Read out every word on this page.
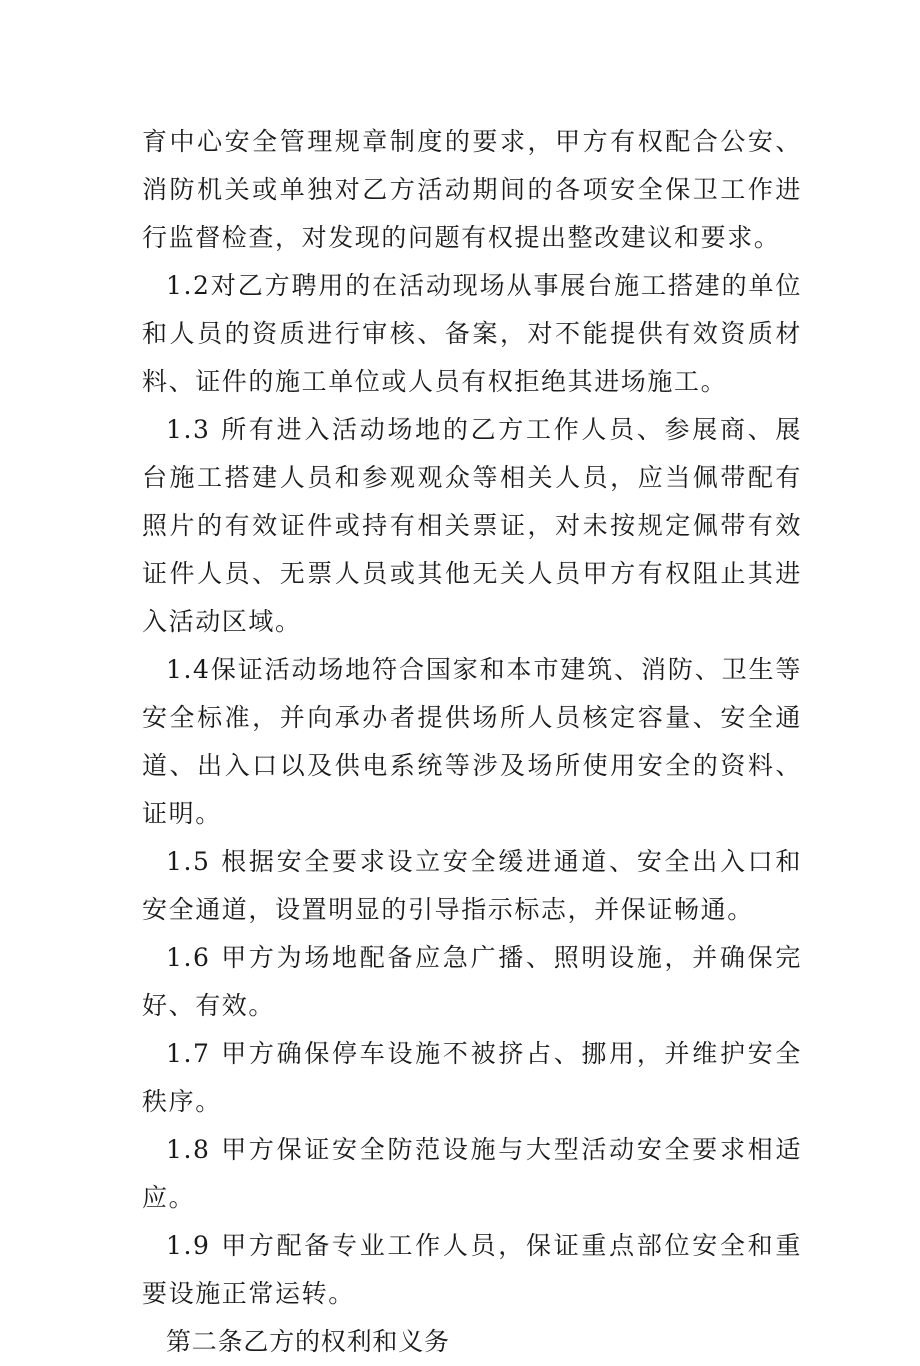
育中心安全管理规章制度的要求，甲方有权配合公安、消防机关或单独对乙方活动期间的各项安全保卫工作进行监督检查，对发现的问题有权提出整改建议和要求。

1.2对乙方聘用的在活动现场从事展台施工搭建的单位和人员的资质进行审核、备案，对不能提供有效资质材料、证件的施工单位或人员有权拒绝其进场施工。

1.3 所有进入活动场地的乙方工作人员、参展商、展台施工搭建人员和参观观众等相关人员，应当佩带配有照片的有效证件或持有相关票证，对未按规定佩带有效证件人员、无票人员或其他无关人员甲方有权阻止其进入活动区域。

1.4保证活动场地符合国家和本市建筑、消防、卫生等安全标准，并向承办者提供场所人员核定容量、安全通道、出入口以及供电系统等涉及场所使用安全的资料、证明。

1.5 根据安全要求设立安全缓进通道、安全出入口和安全通道，设置明显的引导指示标志，并保证畅通。

1.6 甲方为场地配备应急广播、照明设施，并确保完好、有效。

1.7 甲方确保停车设施不被挤占、挪用，并维护安全秩序。

1.8 甲方保证安全防范设施与大型活动安全要求相适应。

1.9 甲方配备专业工作人员，保证重点部位安全和重要设施正常运转。

第二条乙方的权利和义务
